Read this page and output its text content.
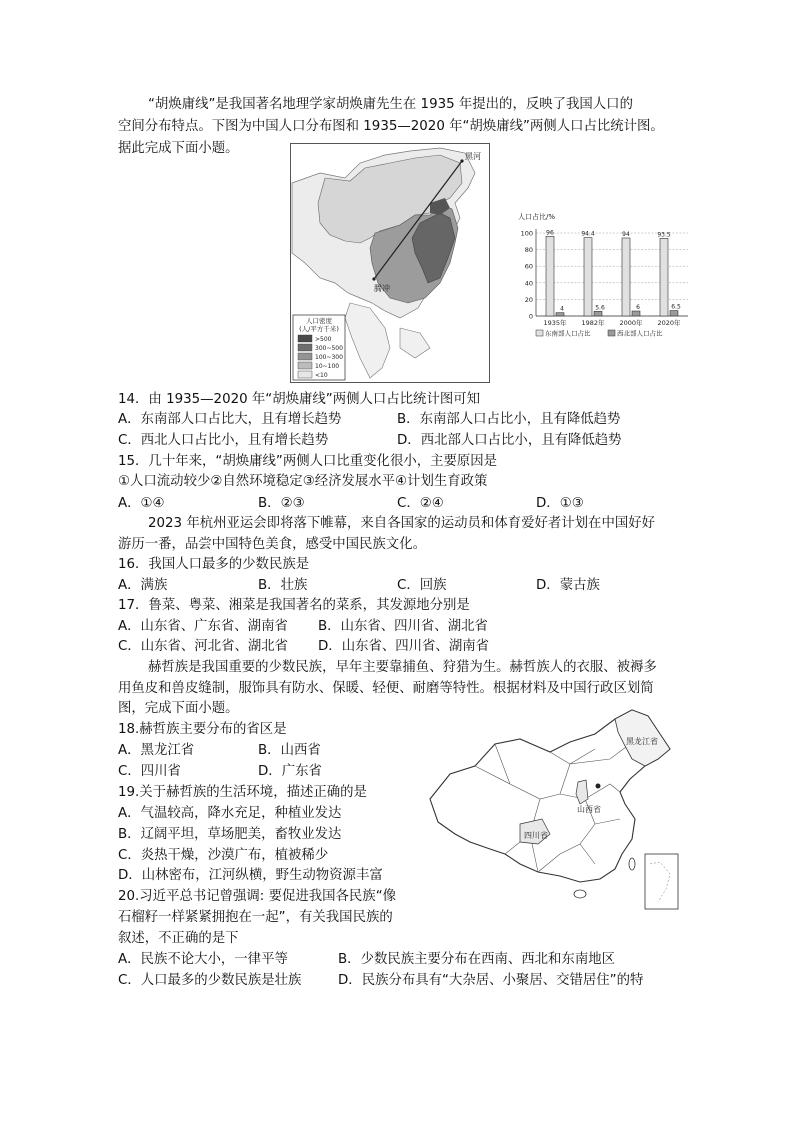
“胡焕庸线”是我国著名地理学家胡焕庸先生在 1935 年提出的，反映了我国人口的
空间分布特点。下图为中国人口分布图和 1935—2020 年“胡焕庸线”两侧人口占比统计图。
据此完成下面小题。
黑河
腾冲
人口密度
(人/平方千米)
>500
300~500
100~300
10~100
<10
人口占比/%
0
20
40
60
80
100 96
4
1935年
94.4
5.6
1982年
94
6
2000年
93.5
6.5
2020年
东南部人口占比	西北部人口占比
14．由 1935—2020 年“胡焕庸线”两侧人口占比统计图可知
A．东南部人口占比大，且有增长趋势	B．东南部人口占比小，且有降低趋势
C．西北人口占比小，且有增长趋势	D．西北部人口占比小，且有降低趋势
15．几十年来，“胡焕庸线”两侧人口比重变化很小，主要原因是
①人口流动较少②自然环境稳定③经济发展水平④计划生育政策
A．①④	B．②③	C．②④	D．①③
2023 年杭州亚运会即将落下帷幕，来自各国家的运动员和体育爱好者计划在中国好好
游历一番，品尝中国特色美食，感受中国民族文化。
16．我国人口最多的少数民族是
A．满族	B．壮族	C．回族	D．蒙古族
17．鲁菜、粤菜、湘菜是我国著名的菜系，其发源地分别是
A．山东省、广东省、湖南省 B．山东省、四川省、湖北省
C．山东省、河北省、湖北省 D．山东省、四川省、湖南省
赫哲族是我国重要的少数民族，早年主要靠捕鱼、狩猎为生。赫哲族人的衣服、被褥多
用鱼皮和兽皮缝制，服饰具有防水、保暖、轻便、耐磨等特性。根据材料及中国行政区划简
图，完成下面小题。
18.赫哲族主要分布的省区是
A．黑龙江省	B．山西省
C．四川省	D．广东省
19.关于赫哲族的生活环境，描述正确的是
A．气温较高，降水充足，种植业发达
B．辽阔平坦，草场肥美，畜牧业发达
C．炎热干燥，沙漠广布，植被稀少
D．山林密布，江河纵横，野生动物资源丰富
20.习近平总书记曾强调: 要促进我国各民族“像
石榴籽一样紧紧拥抱在一起”，有关我国民族的
叙述，不正确的是下
A．民族不论大小，一律平等	B．少数民族主要分布在西南、西北和东南地区
C．人口最多的少数民族是壮族	D．民族分布具有“大杂居、小聚居、交错居住”的特
黑龙江省
山西省
四川省
